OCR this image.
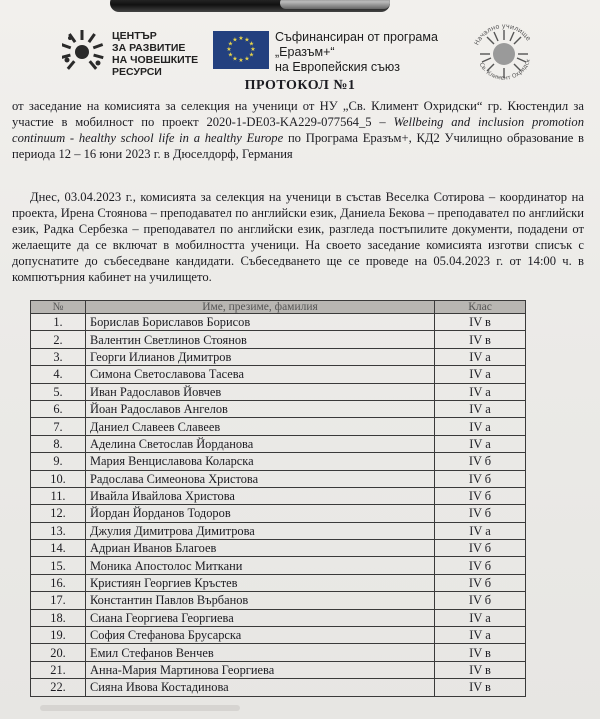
ЦЕНТЪР
ЗА РАЗВИТИЕ
НА ЧОВЕШКИТЕ
РЕСУРСИ
★ ★
★
★
★
★
★
★
★
★
★
★	Съфинансиран от програма
„Еразъм+“
на Европейския съюз
Начално училище
Св. Климент Охридск
ПРОТОКОЛ №1
от заседание на комисията за селекция на ученици от НУ „Св. Климент Охридски“ гр. Кюстендил за участие в мобилност по проект 2020-1-DE03-KA229-077564_5 – Wellbeing and inclusion promotion continuum - healthy school life in a healthy Europe по Програма Еразъм+, КД2 Училищно образование в периода 12 – 16 юни 2023 г. в Дюселдорф, Германия
Днес, 03.04.2023 г., комисията за селекция на ученици в състав Веселка Сотирова – координатор на проекта, Ирена Стоянова – преподавател по английски език, Даниела Бекова – преподавател по английски език, Радка Сербезка – преподавател по английски език, разгледа постъпилите документи, подадени от желаещите да се включат в мобилността ученици. На своето заседание комисията изготви списък с допуснатите до събеседване кандидати. Събеседването ще се проведе на 05.04.2023 г. от 14:00 ч. в компютърния кабинет на училището.
№	Име, презиме, фамилия	Клас
1.	Борислав Бориславов Борисов	IV в
2.	Валентин Светлинов Стоянов	IV в
3.	Георги Илианов Димитров	IV а
4.	Симона Светославова Тасева	IV а
5.	Иван Радославов Йовчев	IV а
6.	Йоан Радославов Ангелов	IV а
7.	Даниел Славеев Славеев	IV а
8.	Аделина Светослав Йорданова	IV а
9.	Мария Венциславова Коларска	IV б
10.	Радослава Симеонова Христова	IV б
11.	Ивайла Ивайлова Христова	IV б
12.	Йордан Йорданов Тодоров	IV б
13.	Джулия Димитрова Димитрова	IV а
14.	Адриан Иванов Благоев	IV б
15.	Моника Апостолос Миткани	IV б
16.	Кристиян Георгиев Кръстев	IV б
17.	Константин Павлов Върбанов	IV б
18.	Сиана Георгиева Георгиева	IV а
19.	София Стефанова Брусарска	IV а
20.	Емил Стефанов Венчев	IV в
21.	Анна-Мария Мартинова Георгиева	IV в
22.	Сияна Ивова Костадинова	IV в
